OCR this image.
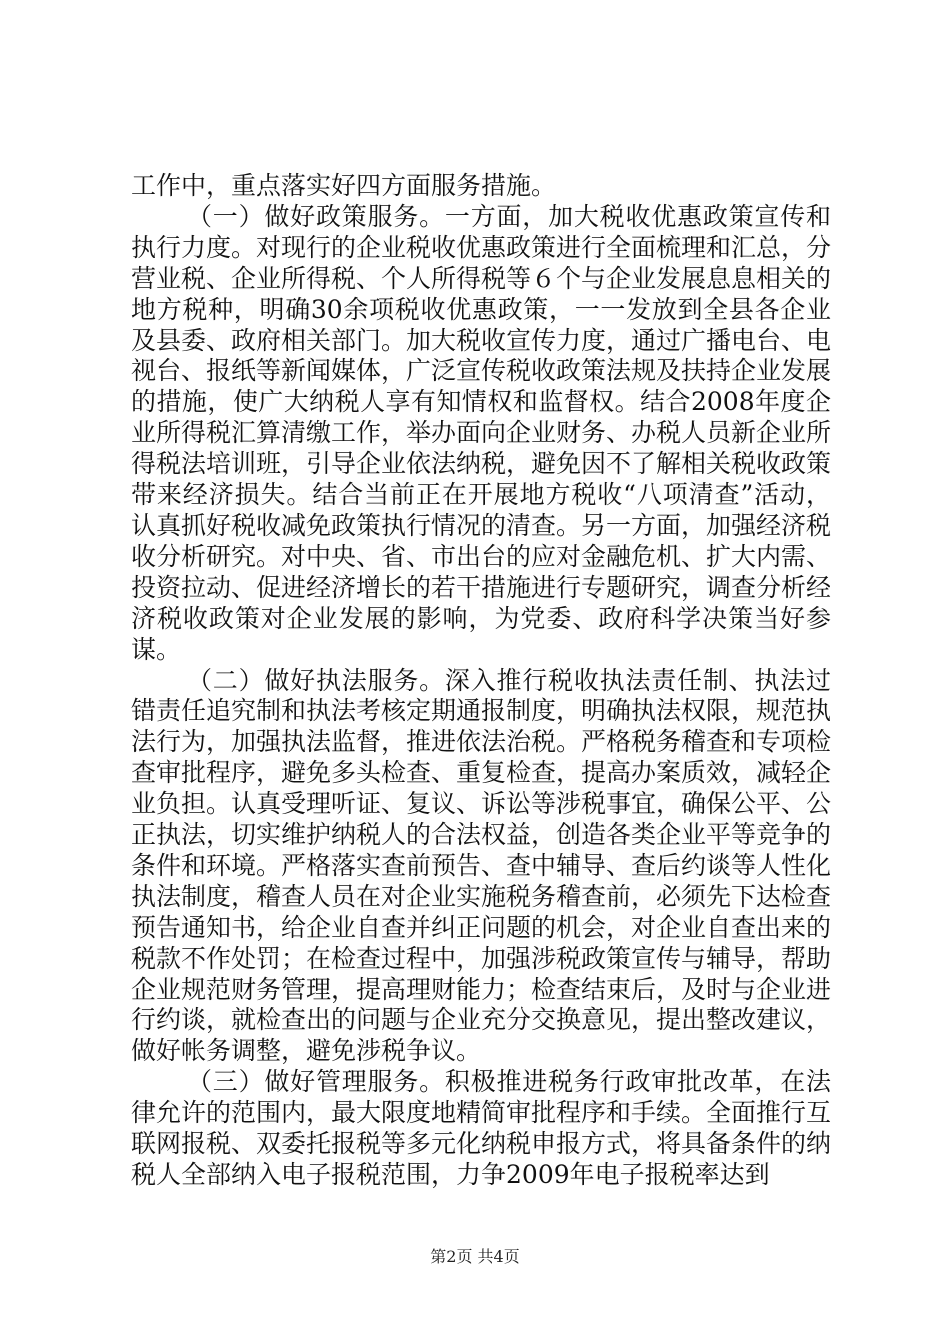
工作中，重点落实好四方面服务措施。

（一）做好政策服务。一方面，加大税收优惠政策宣传和执行力度。对现行的企业税收优惠政策进行全面梳理和汇总，分营业税、企业所得税、个人所得税等６个与企业发展息息相关的地方税种，明确30余项税收优惠政策，一一发放到全县各企业及县委、政府相关部门。加大税收宣传力度，通过广播电台、电视台、报纸等新闻媒体，广泛宣传税收政策法规及扶持企业发展的措施，使广大纳税人享有知情权和监督权。结合2008年度企业所得税汇算清缴工作，举办面向企业财务、办税人员新企业所得税法培训班，引导企业依法纳税，避免因不了解相关税收政策带来经济损失。结合当前正在开展地方税收“八项清查”活动，认真抓好税收减免政策执行情况的清查。另一方面，加强经济税收分析研究。对中央、省、市出台的应对金融危机、扩大内需、投资拉动、促进经济增长的若干措施进行专题研究，调查分析经济税收政策对企业发展的影响，为党委、政府科学决策当好参谋。

（二）做好执法服务。深入推行税收执法责任制、执法过错责任追究制和执法考核定期通报制度，明确执法权限，规范执法行为，加强执法监督，推进依法治税。严格税务稽查和专项检查审批程序，避免多头检查、重复检查，提高办案质效，减轻企业负担。认真受理听证、复议、诉讼等涉税事宜，确保公平、公正执法，切实维护纳税人的合法权益，创造各类企业平等竞争的条件和环境。严格落实查前预告、查中辅导、查后约谈等人性化执法制度，稽查人员在对企业实施税务稽查前，必须先下达检查预告通知书，给企业自查并纠正问题的机会，对企业自查出来的税款不作处罚；在检查过程中，加强涉税政策宣传与辅导，帮助企业规范财务管理，提高理财能力；检查结束后，及时与企业进行约谈，就检查出的问题与企业充分交换意见，提出整改建议，做好帐务调整，避免涉税争议。

（三）做好管理服务。积极推进税务行政审批改革，在法律允许的范围内，最大限度地精简审批程序和手续。全面推行互联网报税、双委托报税等多元化纳税申报方式，将具备条件的纳税人全部纳入电子报税范围，力争2009年电子报税率达到

第2页 共4页
